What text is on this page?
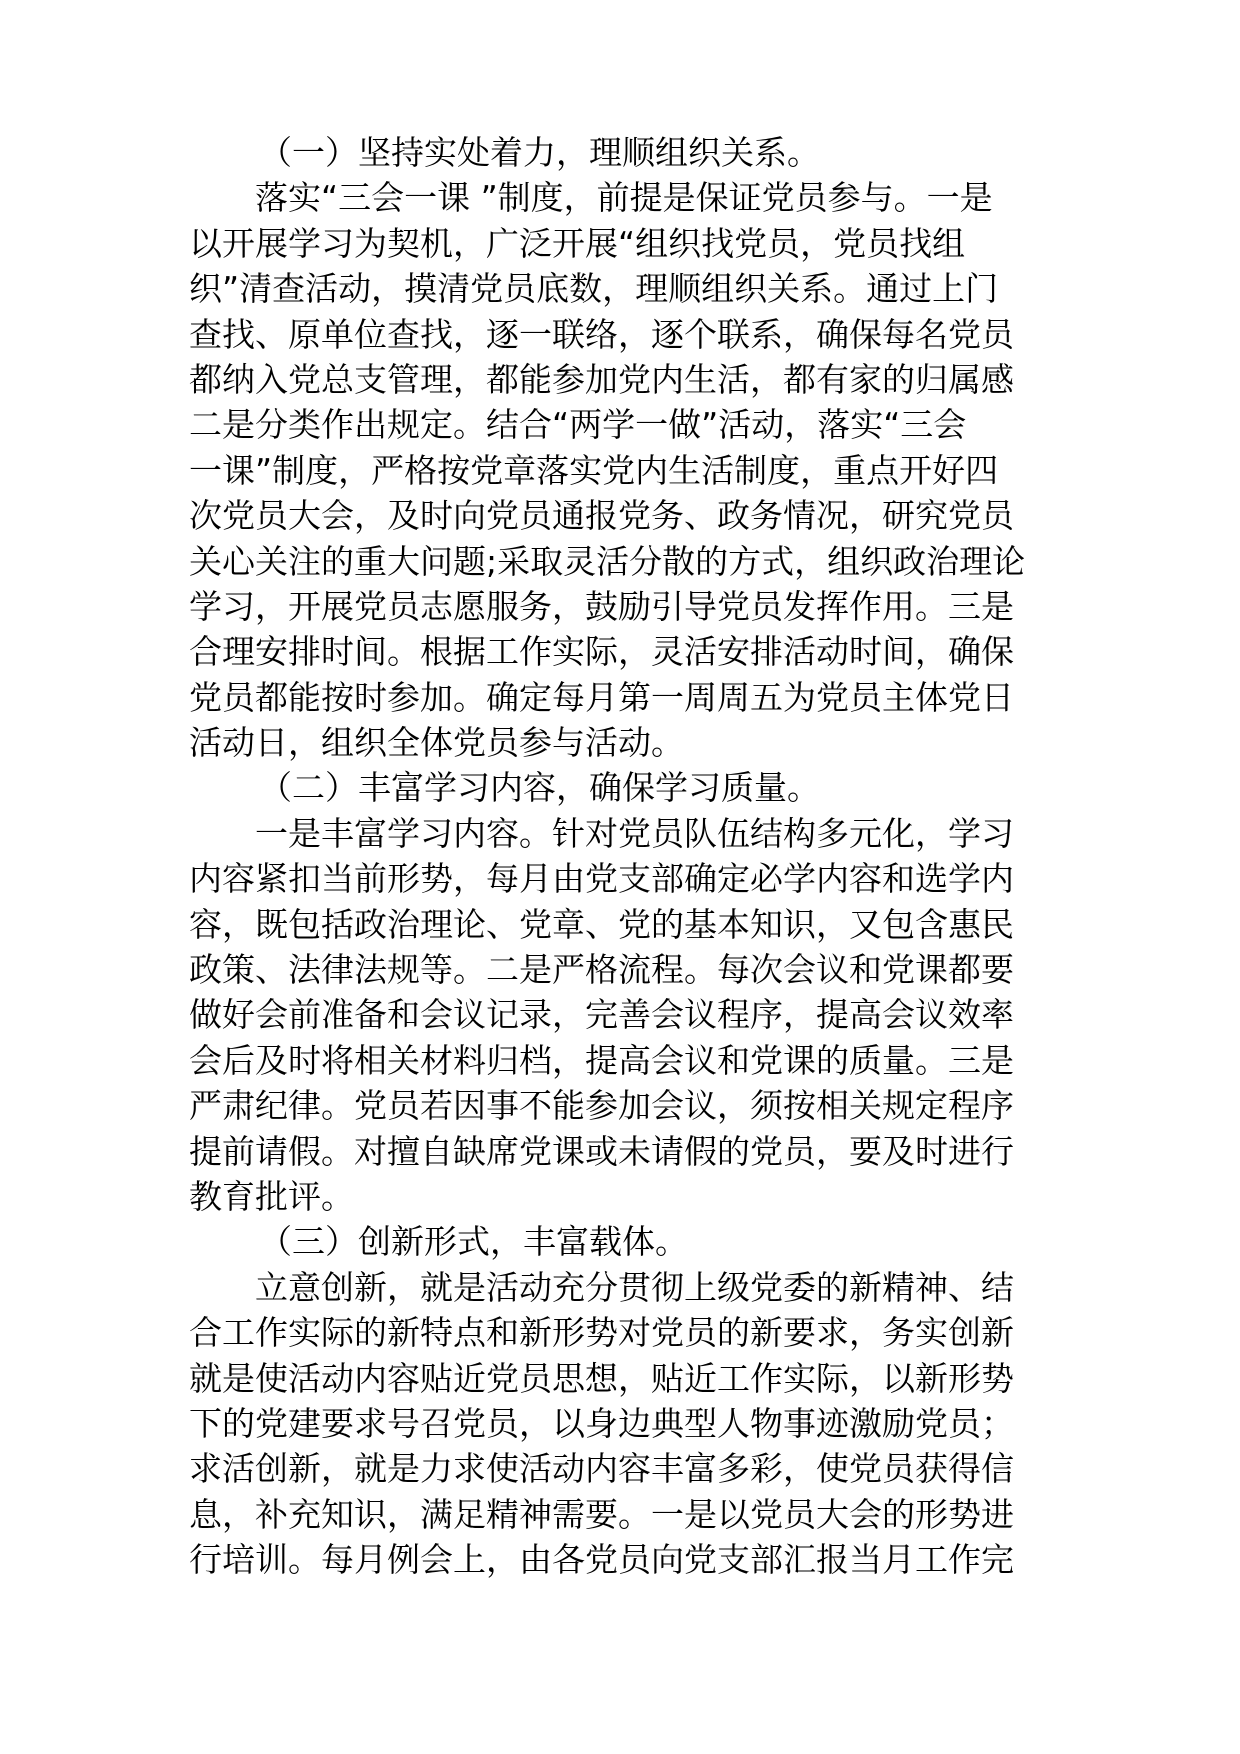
（一）坚持实处着力，理顺组织关系。
落实“三会一课 ”制度，前提是保证党员参与。一是
以开展学习为契机，广泛开展“组织找党员，党员找组
织”清查活动，摸清党员底数，理顺组织关系。通过上门
查找、原单位查找，逐一联络，逐个联系，确保每名党员
都纳入党总支管理，都能参加党内生活，都有家的归属感
二是分类作出规定。结合“两学一做”活动，落实“三会
一课”制度，严格按党章落实党内生活制度，重点开好四
次党员大会，及时向党员通报党务、政务情况，研究党员
关心关注的重大问题;采取灵活分散的方式，组织政治理论
学习，开展党员志愿服务，鼓励引导党员发挥作用。三是
合理安排时间。根据工作实际，灵活安排活动时间，确保
党员都能按时参加。确定每月第一周周五为党员主体党日
活动日，组织全体党员参与活动。
（二）丰富学习内容，确保学习质量。
一是丰富学习内容。针对党员队伍结构多元化，学习
内容紧扣当前形势，每月由党支部确定必学内容和选学内
容，既包括政治理论、党章、党的基本知识，又包含惠民
政策、法律法规等。二是严格流程。每次会议和党课都要
做好会前准备和会议记录，完善会议程序，提高会议效率
会后及时将相关材料归档，提高会议和党课的质量。三是
严肃纪律。党员若因事不能参加会议，须按相关规定程序
提前请假。对擅自缺席党课或未请假的党员，要及时进行
教育批评。
（三）创新形式，丰富载体。
立意创新，就是活动充分贯彻上级党委的新精神、结
合工作实际的新特点和新形势对党员的新要求，务实创新
就是使活动内容贴近党员思想，贴近工作实际，以新形势
下的党建要求号召党员，以身边典型人物事迹激励党员；
求活创新，就是力求使活动内容丰富多彩，使党员获得信
息，补充知识，满足精神需要。一是以党员大会的形势进
行培训。每月例会上，由各党员向党支部汇报当月工作完
